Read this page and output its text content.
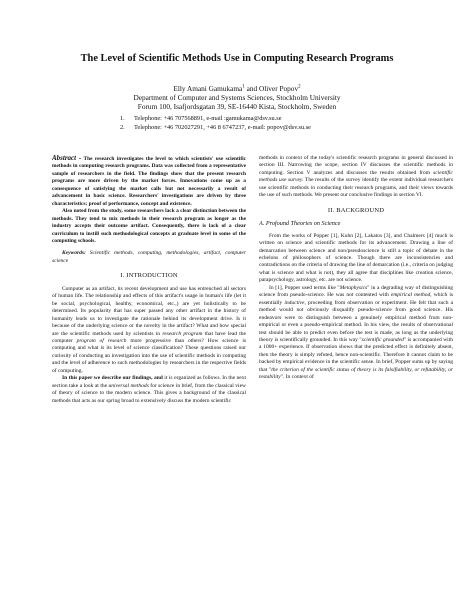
The Level of Scientific Methods Use in Computing Research Programs
Elly Amani Gamukama$^1$ and Oliver Popov$^2$
Department of Computer and Systems Sciences, Stockholm University
Forum 100, Isafjordsgatan 39, SE-16440 Kista, Stockholm, Sweden
1. Telephone: +46 707568891, e-mail :gamukama@dsv.su.se
2. Telephone: +46 702027291, +46 8 6747237, e-mail: popov@dsv.su.se

Abstract - The research investigates the level to which scientists' use scientific methods in computing research programs. Data was collected from a representative sample of researchers in the field. The findings show that the present research programs are more driven by the market forces. Innovations come up as a consequence of satisfying the market calls but not necessarily a result of advancement in basic science. Researchers' investigations are driven by three characteristics; proof of performance, concept and existence.

Also noted from the study, some researchers lack a clear distinction between the methods. They tend to mix methods in their research program as longer as the industry accepts their outcome artifact. Consequently, there is lack of a clear curriculum to instill such methodological concepts at graduate level in some of the computing schools.

Keywords: Scientific methods, computing, methodologies, artifact, computer science

I. INTRODUCTION

Computer as an artifact, its recent development and use has entrenched all sectors of human life. The relationship and effects of this artifact's usage in human's life (let it be social, psychological, healthy, economical, etc.,) are yet holistically to be determined. Its popularity that has super passed any other artifact in the history of humanity leads us to investigate the rationale behind its development drive. Is it because of the underlying science or the novelty in the artifact? What and how special are the scientific methods used by scientists in research program that have lead the computer program of research more progressive than others? How science is computing and what is its level of science classification? These questions raised our curiosity of conducting an investigation into the use of scientific methods in computing and the level of adherence to such methodologies by researchers in the respective fields of computing.

In this paper we describe our findings, and it is organized as follows. In the next section take a look at the universal methods for science in brief, from the classical view of theory of science to the modern science. This gives a background of the classical methods that acts as our spring broad to extensively discuss the modern scientific

methods in context of the today's scientific research programs in general discussed in section III. Narrowing the scope, section IV discusses the scientific methods in computing. Section V analyzes and discusses the results obtained from scientific methods use survey. The results of the survey identify the extent individual researchers use scientific methods in conducting their research programs, and their views towards the use of such methods. We present our conclusive findings in section VI.

II. BACKGROUND
A. Profound Theories on Science

From the works of Popper [1], Kuhn [2], Lakatos [3], and Chalmers [4] much is written on science and scientific methods for its advancement. Drawing a line of demarcation between science and non/pseudoscience is still a topic of debate in the echelons of philosophers of science. Though there are inconsistencies and contradictions on the criteria of drawing the line of demarcation (i.e., criteria on judging what is science and what is not), they all agree that disciplines like creation science, parapsychology, astrology, etc. are not science.

In [1], Popper used terms like "Metaphysics" in a degrading way of distinguishing science from pseudo-science. He was not contented with empirical method, which is essentially inductive, proceeding from observation or experiment. He felt that such a method would not obviously disqualify pseudo-science from good science. His endeavors were to distinguish between a genuinely empirical method from non-empirical or even a pseudo-empirical method. In his view, the results of observational test should be able to predict even before the test is made, as long as the underlying theory is scientifically grounded. In this way "scientific grounded" is accompanied with a 1000+ experience. If observation shows that the predicted effect is definitely absent, then the theory is simply refuted, hence non-scientific. Therefore it cannot claim to be backed by empirical evidence in the scientific sense. In brief, Popper sums up by saying that "the criterion of the scientific status of theory is its falsifiability, or refutability, or testability". In context of
